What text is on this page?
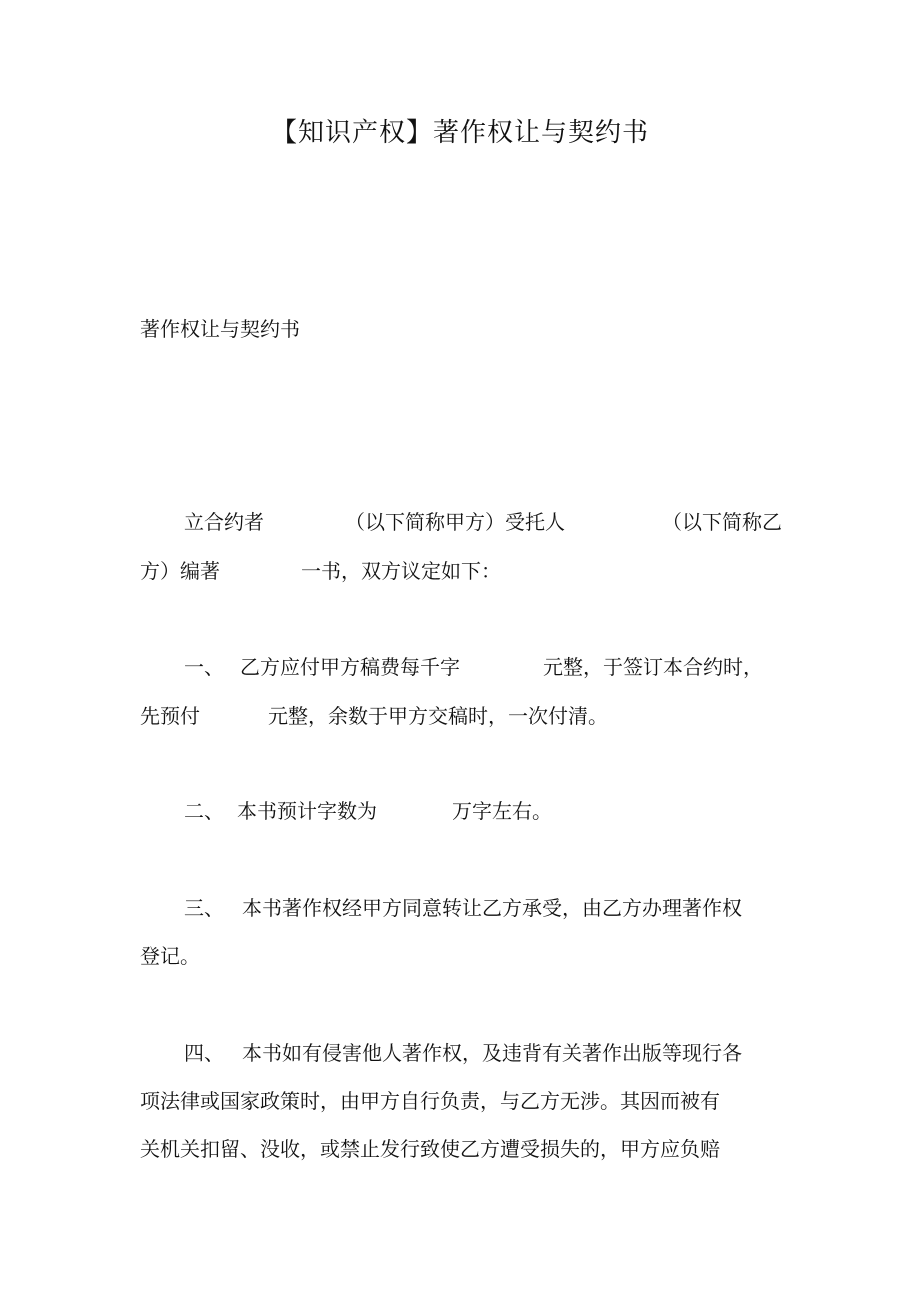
【知识产权】著作权让与契约书
著作权让与契约书
立合约者	（以下简称甲方）受托人	（以下简称乙
方）编著	一书，双方议定如下：
一、 乙方应付甲方稿费每千字	元整，于签订本合约时，
先预付	元整，余数于甲方交稿时，一次付清。
二、 本书预计字数为	万字左右。
三、 本书著作权经甲方同意转让乙方承受，由乙方办理著作权
登记。
四、 本书如有侵害他人著作权，及违背有关著作出版等现行各
项法律或国家政策时，由甲方自行负责，与乙方无涉。其因而被有
关机关扣留、没收，或禁止发行致使乙方遭受损失的，甲方应负赔
